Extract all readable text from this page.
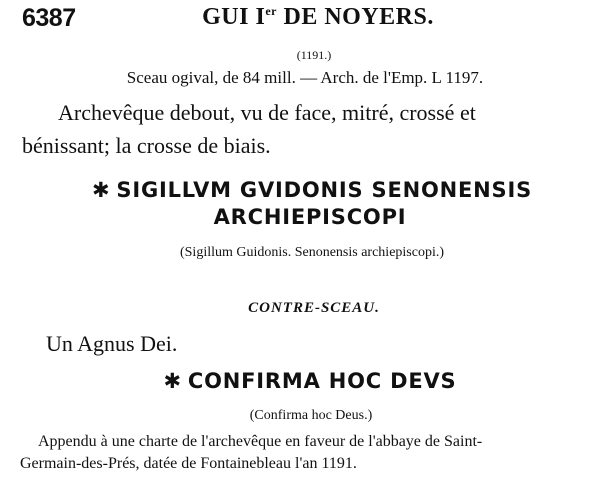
6387	GUI Ier DE NOYERS.
(1191.)
Sceau ogival, de 84 mill. — Arch. de l'Emp. L 1197.
Archevêque debout, vu de face, mitré, crossé et
bénissant; la crosse de biais.
✱ SIGILLVM GVIDONIS SENONENSIS
ARCHIEPISCOPI
(Sigillum Guidonis. Senonensis archiepiscopi.)
CONTRE-SCEAU.
Un Agnus Dei.
✱ CONFIRMA HOC DEVS
(Confirma hoc Deus.)
Appendu à une charte de l'archevêque en faveur de l'abbaye de Saint-
Germain-des-Prés, datée de Fontainebleau l'an 1191.
